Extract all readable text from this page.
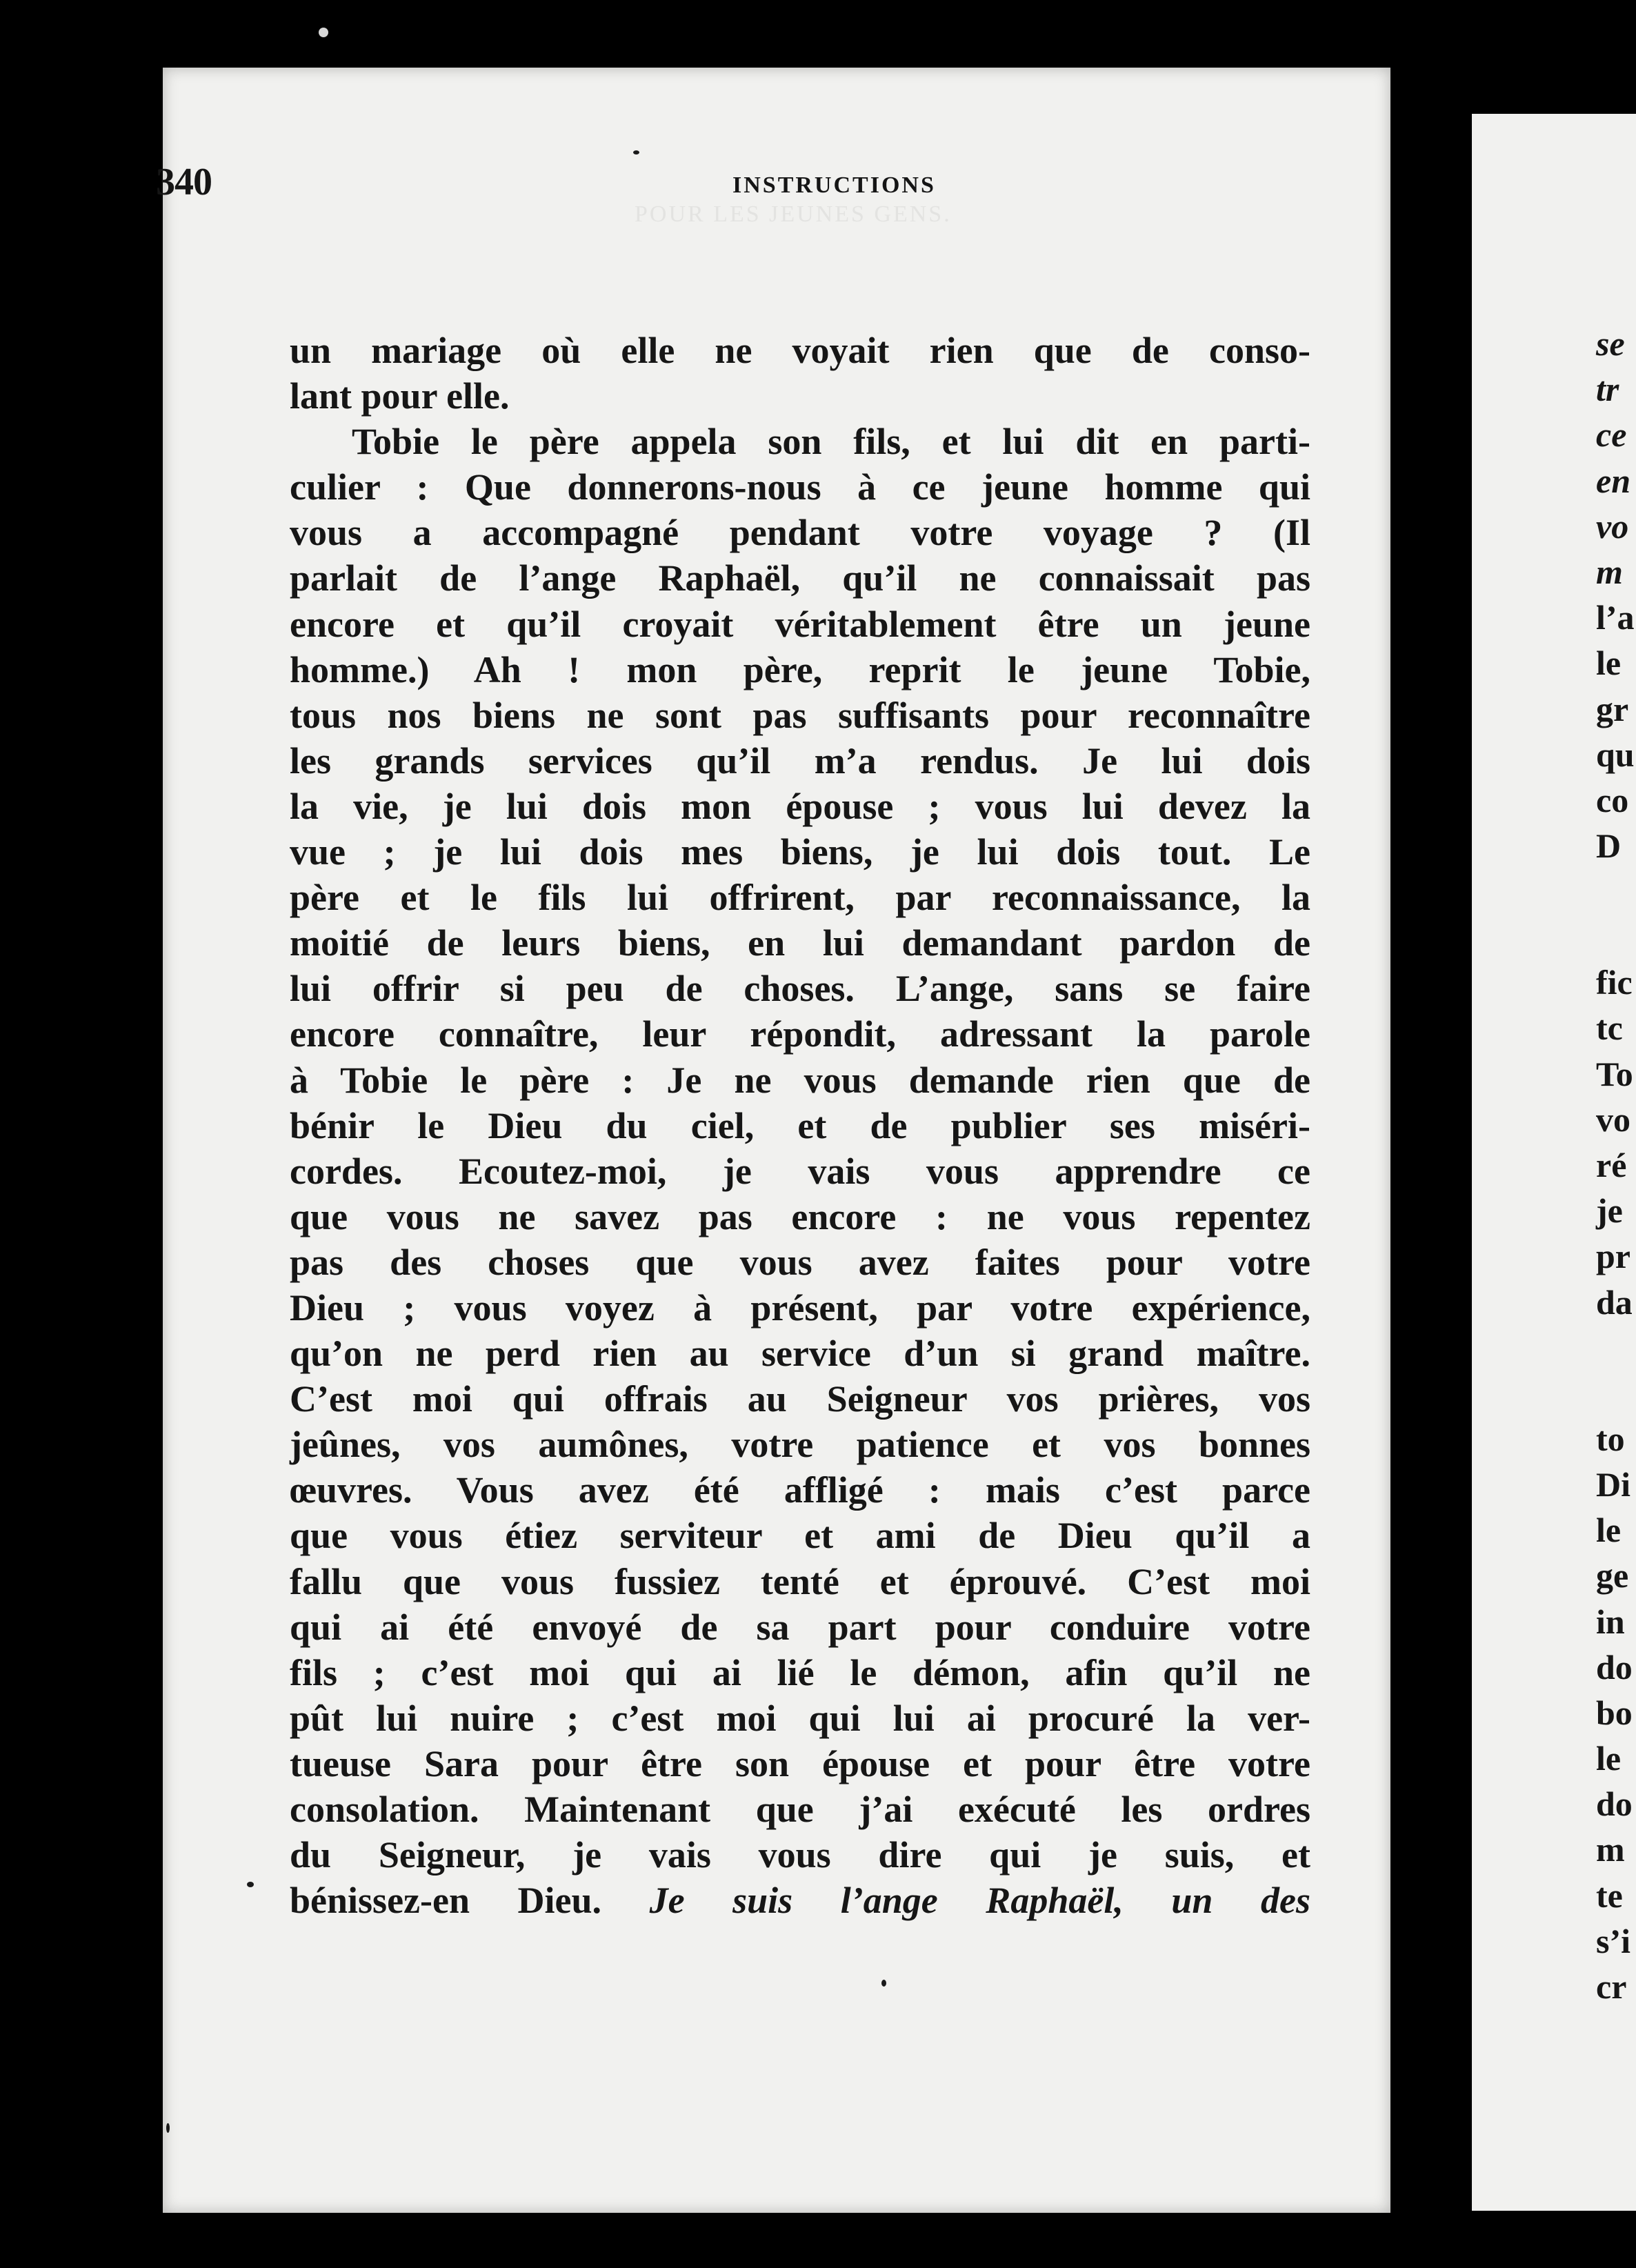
340	INSTRUCTIONS
POUR LES JEUNES GENS.
un mariage où elle ne voyait rien que de conso-
lant pour elle.
Tobie le père appela son fils, et lui dit en parti-
culier : Que donnerons-nous à ce jeune homme qui
vous a accompagné pendant votre voyage ? (Il
parlait de l’ange Raphaël, qu’il ne connaissait pas
encore et qu’il croyait véritablement être un jeune
homme.) Ah ! mon père, reprit le jeune Tobie,
tous nos biens ne sont pas suffisants pour reconnaître
les grands services qu’il m’a rendus. Je lui dois
la vie, je lui dois mon épouse ; vous lui devez la
vue ; je lui dois mes biens, je lui dois tout. Le
père et le fils lui offrirent, par reconnaissance, la
moitié de leurs biens, en lui demandant pardon de
lui offrir si peu de choses. L’ange, sans se faire
encore connaître, leur répondit, adressant la parole
à Tobie le père : Je ne vous demande rien que de
bénir le Dieu du ciel, et de publier ses miséri-
cordes. Ecoutez-moi, je vais vous apprendre ce
que vous ne savez pas encore : ne vous repentez
pas des choses que vous avez faites pour votre
Dieu ; vous voyez à présent, par votre expérience,
qu’on ne perd rien au service d’un si grand maître.
C’est moi qui offrais au Seigneur vos prières, vos
jeûnes, vos aumônes, votre patience et vos bonnes
œuvres. Vous avez été affligé : mais c’est parce
que vous étiez serviteur et ami de Dieu qu’il a
fallu que vous fussiez tenté et éprouvé. C’est moi
qui ai été envoyé de sa part pour conduire votre
fils ; c’est moi qui ai lié le démon, afin qu’il ne
pût lui nuire ; c’est moi qui lui ai procuré la ver-
tueuse Sara pour être son épouse et pour être votre
consolation. Maintenant que j’ai exécuté les ordres
du Seigneur, je vais vous dire qui je suis, et
bénissez-en Dieu. Je suis l’ange Raphaël, un des
se
tr
ce
en
vo
m
l’a
le
gr
qu
co
D
fic
tc
To
vo
ré
je
pr
da
to
Di
le
ge
in
do
bo
le
do
m
te
s’i
cr
